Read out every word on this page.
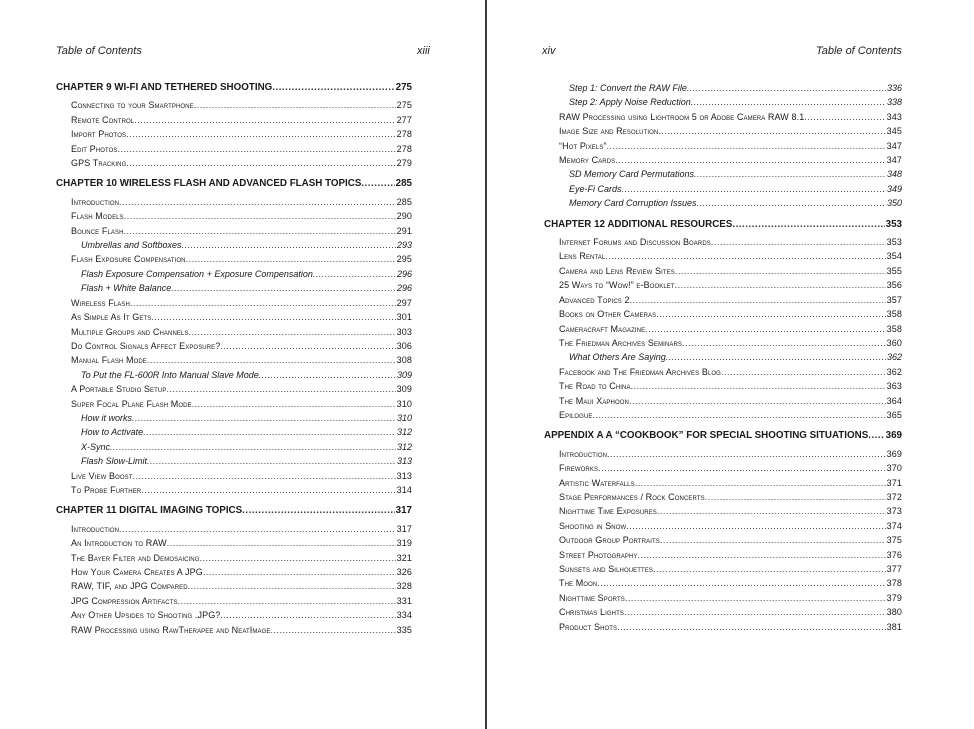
Table of Contents	xiii
CHAPTER 9 WI-FI AND TETHERED SHOOTING .....	275
Connecting to your Smartphone .....	275
Remote Control .....	277
Import Photos .....	278
Edit Photos .....	278
GPS Tracking .....	279
CHAPTER 10 WIRELESS FLASH AND ADVANCED FLASH TOPICS .....	285
Introduction .....	285
Flash Models .....	290
Bounce Flash .....	291
Umbrellas and Softboxes .....	293
Flash Exposure Compensation .....	295
Flash Exposure Compensation + Exposure Compensation .....	296
Flash + White Balance .....	296
Wireless Flash .....	297
As Simple As It Gets .....	301
Multiple Groups and Channels .....	303
Do Control Signals Affect Exposure? .....	306
Manual Flash Mode .....	308
To Put the FL-600R Into Manual Slave Mode .....	309
A Portable Studio Setup .....	309
Super Focal Plane Flash Mode .....	310
How it works .....	310
How to Activate .....	312
X-Sync .....	312
Flash Slow-Limit .....	313
Live View Boost .....	313
To Probe Further .....	314
CHAPTER 11 DIGITAL IMAGING TOPICS .....	317
Introduction .....	317
An Introduction to RAW .....	319
The Bayer Filter and Demosaicing .....	321
How Your Camera Creates A JPG .....	326
RAW, TIF, and JPG Compared .....	328
JPG Compression Artifacts .....	331
Any Other Upsides to Shooting .JPG? .....	334
RAW Processing using RawTherapee and NeatImage .....	335
xiv	Table of Contents
Step 1: Convert the RAW File .....	336
Step 2: Apply Noise Reduction .....	338
RAW Processing using Lightroom 5 or Adobe Camera RAW 8.1 .....	343
Image Size and Resolution .....	345
“Hot Pixels” .....	347
Memory Cards .....	347
SD Memory Card Permutations .....	348
Eye-Fi Cards .....	349
Memory Card Corruption Issues .....	350
CHAPTER 12 ADDITIONAL RESOURCES .....	353
Internet Forums and Discussion Boards .....	353
Lens Rental .....	354
Camera and Lens Review Sites .....	355
25 Ways to “Wow!” e-Booklet .....	356
Advanced Topics 2 .....	357
Books on Other Cameras .....	358
Cameracraft Magazine .....	358
The Friedman Archives Seminars .....	360
What Others Are Saying .....	362
Facebook and The Friedman Archives Blog .....	362
The Road to China .....	363
The Maui Xaphoon .....	364
Epilogue .....	365
APPENDIX A A “COOKBOOK” FOR SPECIAL SHOOTING SITUATIONS ..... 369
Introduction .....	369
Fireworks .....	370
Artistic Waterfalls .....	371
Stage Performances / Rock Concerts .....	372
Nighttime Time Exposures .....	373
Shooting in Snow .....	374
Outdoor Group Portraits .....	375
Street Photography .....	376
Sunsets and Silhouettes .....	377
The Moon .....	378
Nighttime Sports .....	379
Christmas Lights .....	380
Product Shots .....	381
